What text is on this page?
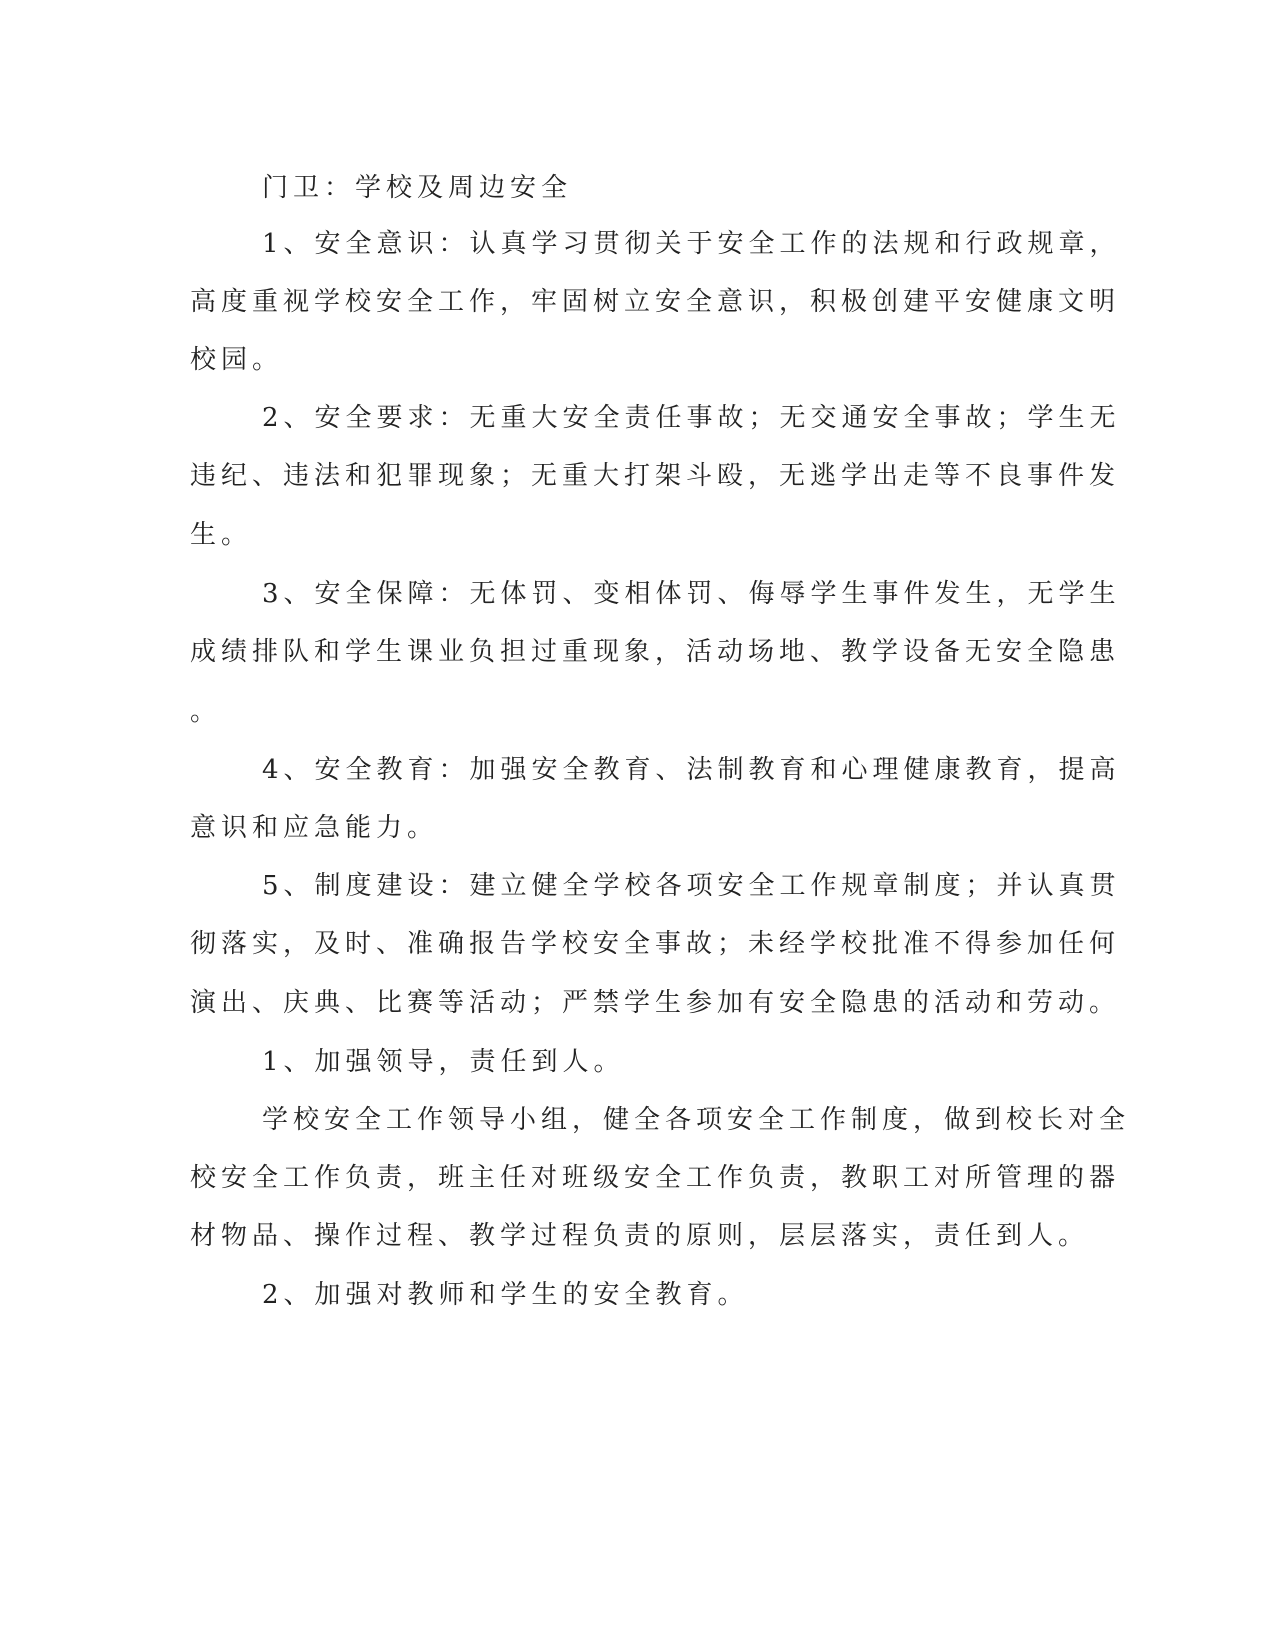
门卫：学校及周边安全
1、安全意识：认真学习贯彻关于安全工作的法规和行政规章，
高度重视学校安全工作，牢固树立安全意识，积极创建平安健康文明
校园。
2、安全要求：无重大安全责任事故；无交通安全事故；学生无
违纪、违法和犯罪现象；无重大打架斗殴，无逃学出走等不良事件发
生。
3、安全保障：无体罚、变相体罚、侮辱学生事件发生，无学生
成绩排队和学生课业负担过重现象，活动场地、教学设备无安全隐患
。
4、安全教育：加强安全教育、法制教育和心理健康教育，提高
意识和应急能力。
5、制度建设：建立健全学校各项安全工作规章制度；并认真贯
彻落实，及时、准确报告学校安全事故；未经学校批准不得参加任何
演出、庆典、比赛等活动；严禁学生参加有安全隐患的活动和劳动。
1、加强领导，责任到人。
学校安全工作领导小组，健全各项安全工作制度，做到校长对全
校安全工作负责，班主任对班级安全工作负责，教职工对所管理的器
材物品、操作过程、教学过程负责的原则，层层落实，责任到人。
2、加强对教师和学生的安全教育。
